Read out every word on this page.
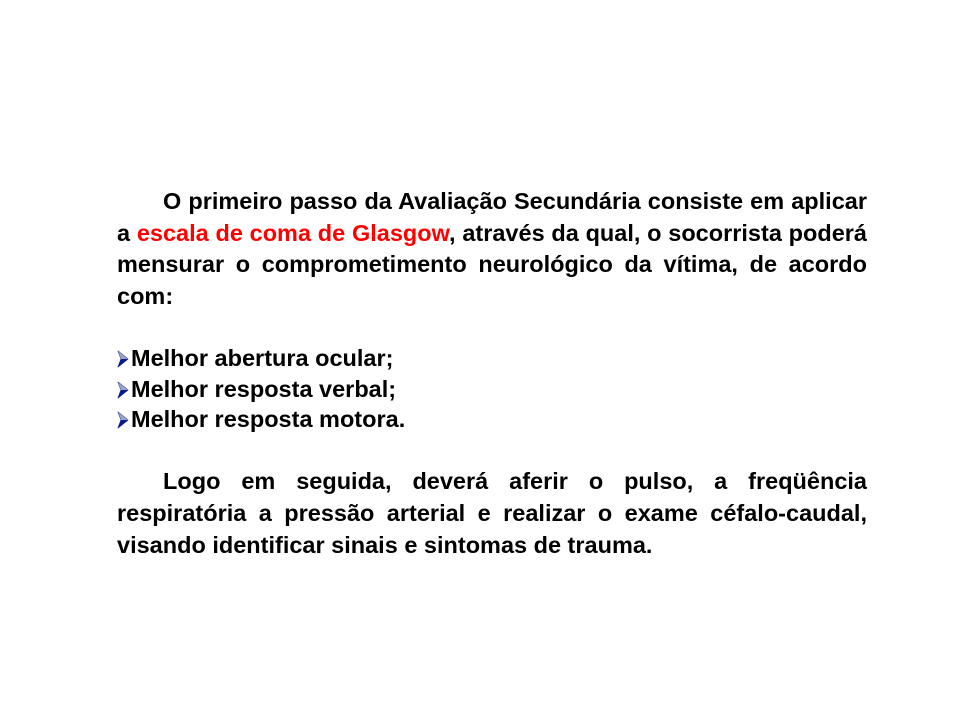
O primeiro passo da Avaliação Secundária consiste em aplicar a escala de coma de Glasgow, através da qual, o socorrista poderá mensurar o comprometimento neurológico da vítima, de acordo com:

Melhor abertura ocular;
Melhor resposta verbal;
Melhor resposta motora.

Logo em seguida, deverá aferir o pulso, a freqüência respiratória a pressão arterial e realizar o exame céfalo-caudal, visando identificar sinais e sintomas de trauma.
